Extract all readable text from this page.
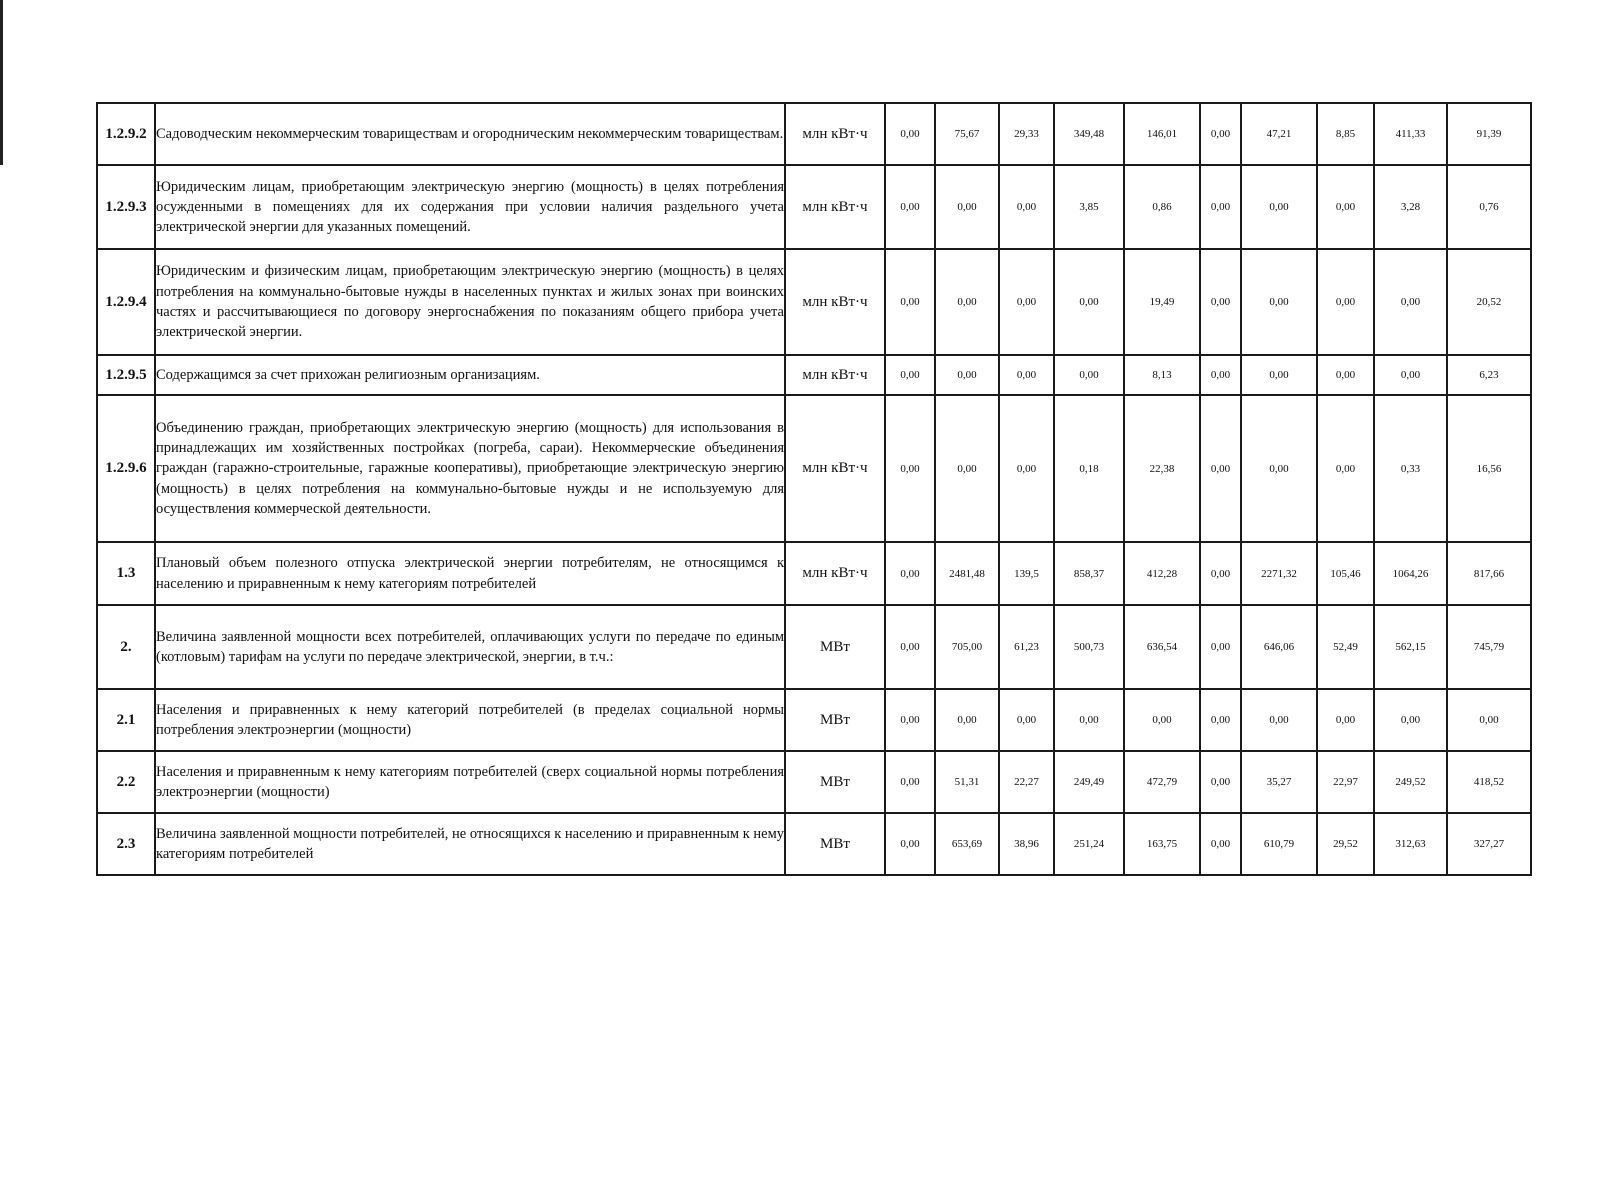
1.2.9.2	Садоводческим некоммерческим товариществам и огородническим некоммерческим товариществам.	млн кВт·ч	0,00	75,67	29,33	349,48	146,01	0,00	47,21	8,85	411,33	91,39
1.2.9.3	Юридическим лицам, приобретающим электрическую энергию (мощность) в целях потребления осужденными в помещениях для их содержания при условии наличия раздельного учета электрической энергии для указанных помещений.	млн кВт·ч	0,00	0,00	0,00	3,85	0,86	0,00	0,00	0,00	3,28	0,76
1.2.9.4	Юридическим и физическим лицам, приобретающим электрическую энергию (мощность) в целях потребления на коммунально-бытовые нужды в населенных пунктах и жилых зонах при воинских частях и рассчитывающиеся по договору энергоснабжения по показаниям общего прибора учета электрической энергии.	млн кВт·ч	0,00	0,00	0,00	0,00	19,49	0,00	0,00	0,00	0,00	20,52
1.2.9.5	Содержащимся за счет прихожан религиозным организациям.	млн кВт·ч	0,00	0,00	0,00	0,00	8,13	0,00	0,00	0,00	0,00	6,23
1.2.9.6	Объединению граждан, приобретающих электрическую энергию (мощность) для использования в принадлежащих им хозяйственных постройках (погреба, сараи). Некоммерческие объединения граждан (гаражно-строительные, гаражные кооперативы), приобретающие электрическую энергию (мощность) в целях потребления на коммунально-бытовые нужды и не используемую для осуществления коммерческой деятельности.	млн кВт·ч	0,00	0,00	0,00	0,18	22,38	0,00	0,00	0,00	0,33	16,56
1.3	Плановый объем полезного отпуска электрической энергии потребителям, не относящимся к населению и приравненным к нему категориям потребителей	млн кВт·ч	0,00	2481,48	139,5	858,37	412,28	0,00	2271,32	105,46	1064,26	817,66
2.	Величина заявленной мощности всех потребителей, оплачивающих услуги по передаче по единым (котловым) тарифам на услуги по передаче электрической, энергии, в т.ч.:	МВт	0,00	705,00	61,23	500,73	636,54	0,00	646,06	52,49	562,15	745,79
2.1	Населения и приравненных к нему категорий потребителей (в пределах социальной нормы потребления электроэнергии (мощности)	МВт	0,00	0,00	0,00	0,00	0,00	0,00	0,00	0,00	0,00	0,00
2.2	Населения и приравненным к нему категориям потребителей (сверх социальной нормы потребления электроэнергии (мощности)	МВт	0,00	51,31	22,27	249,49	472,79	0,00	35,27	22,97	249,52	418,52
2.3	Величина заявленной мощности потребителей, не относящихся к населению и приравненным к нему категориям потребителей	МВт	0,00	653,69	38,96	251,24	163,75	0,00	610,79	29,52	312,63	327,27
